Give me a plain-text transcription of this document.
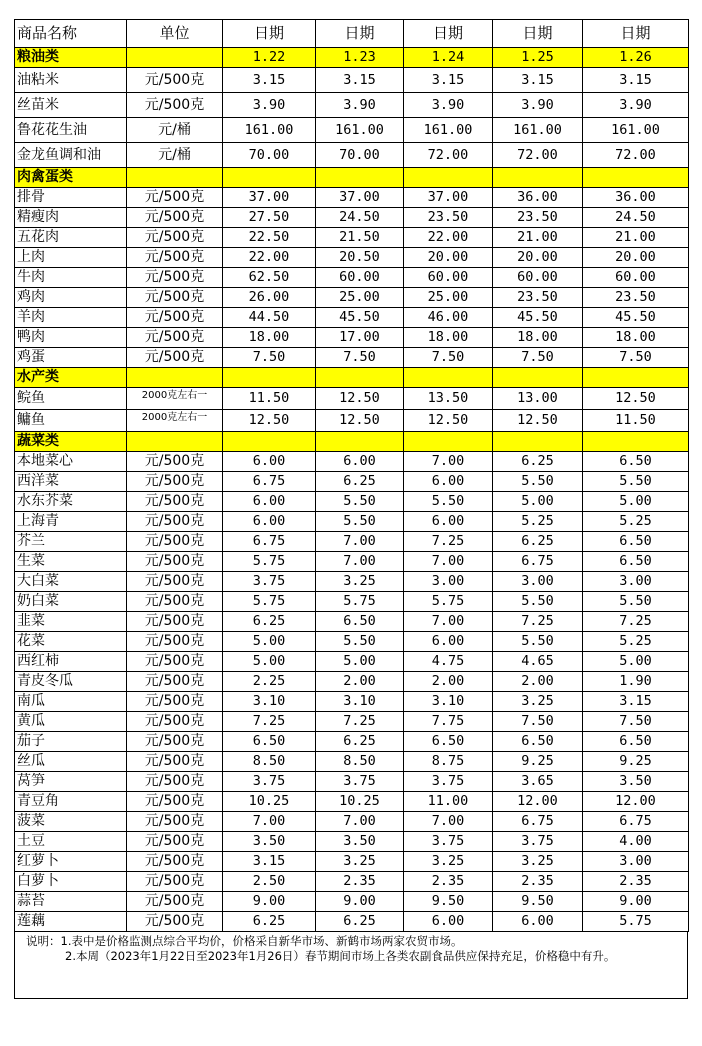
商品名称	单位	日期	日期	日期	日期	日期
粮油类		1.22	1.23	1.24	1.25	1.26
油粘米	元/500克	3.15	3.15	3.15	3.15	3.15
丝苗米	元/500克	3.90	3.90	3.90	3.90	3.90
鲁花花生油	元/桶	161.00	161.00	161.00	161.00	161.00
金龙鱼调和油	元/桶	70.00	70.00	72.00	72.00	72.00
肉禽蛋类						
排骨	元/500克	37.00	37.00	37.00	36.00	36.00
精瘦肉	元/500克	27.50	24.50	23.50	23.50	24.50
五花肉	元/500克	22.50	21.50	22.00	21.00	21.00
上肉	元/500克	22.00	20.50	20.00	20.00	20.00
牛肉	元/500克	62.50	60.00	60.00	60.00	60.00
鸡肉	元/500克	26.00	25.00	25.00	23.50	23.50
羊肉	元/500克	44.50	45.50	46.00	45.50	45.50
鸭肉	元/500克	18.00	17.00	18.00	18.00	18.00
鸡蛋	元/500克	7.50	7.50	7.50	7.50	7.50
水产类						
鲩鱼	2000克左右一	11.50	12.50	13.50	13.00	12.50
鳙鱼	2000克左右一	12.50	12.50	12.50	12.50	11.50
蔬菜类						
本地菜心	元/500克	6.00	6.00	7.00	6.25	6.50
西洋菜	元/500克	6.75	6.25	6.00	5.50	5.50
水东芥菜	元/500克	6.00	5.50	5.50	5.00	5.00
上海青	元/500克	6.00	5.50	6.00	5.25	5.25
芥兰	元/500克	6.75	7.00	7.25	6.25	6.50
生菜	元/500克	5.75	7.00	7.00	6.75	6.50
大白菜	元/500克	3.75	3.25	3.00	3.00	3.00
奶白菜	元/500克	5.75	5.75	5.75	5.50	5.50
韭菜	元/500克	6.25	6.50	7.00	7.25	7.25
花菜	元/500克	5.00	5.50	6.00	5.50	5.25
西红柿	元/500克	5.00	5.00	4.75	4.65	5.00
青皮冬瓜	元/500克	2.25	2.00	2.00	2.00	1.90
南瓜	元/500克	3.10	3.10	3.10	3.25	3.15
黄瓜	元/500克	7.25	7.25	7.75	7.50	7.50
茄子	元/500克	6.50	6.25	6.50	6.50	6.50
丝瓜	元/500克	8.50	8.50	8.75	9.25	9.25
莴笋	元/500克	3.75	3.75	3.75	3.65	3.50
青豆角	元/500克	10.25	10.25	11.00	12.00	12.00
菠菜	元/500克	7.00	7.00	7.00	6.75	6.75
土豆	元/500克	3.50	3.50	3.75	3.75	4.00
红萝卜	元/500克	3.15	3.25	3.25	3.25	3.00
白萝卜	元/500克	2.50	2.35	2.35	2.35	2.35
蒜苔	元/500克	9.00	9.00	9.50	9.50	9.00
莲藕	元/500克	6.25	6.25	6.00	6.00	5.75
说明：1.表中是价格监测点综合平均价，价格采自新华市场、新鹤市场两家农贸市场。
2.本周（2023年1月22日至2023年1月26日）春节期间市场上各类农副食品供应保持充足，价格稳中有升。
